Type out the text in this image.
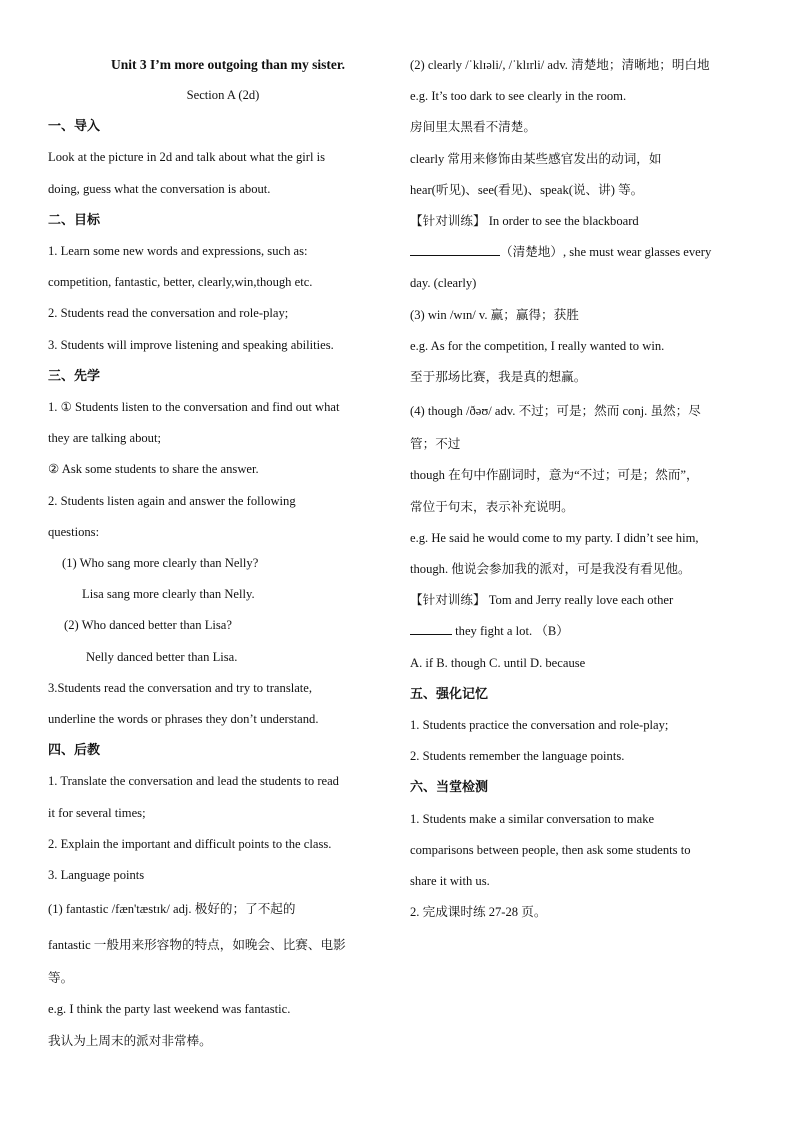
Unit 3 I’m more outgoing than my sister.
Section A (2d)
一、导入
Look at the picture in 2d and talk about what the girl is
doing, guess what the conversation is about.
二、目标
1. Learn some new words and expressions, such as:
competition, fantastic, better, clearly,win,though etc.
2. Students read the conversation and role-play;
3. Students will improve listening and speaking abilities.
三、先学
1. ① Students listen to the conversation and find out what
they are talking about;
② Ask some students to share the answer.
2. Students listen again and answer the following
questions:
(1) Who sang more clearly than Nelly?
Lisa sang more clearly than Nelly.
(2) Who danced better than Lisa?
Nelly danced better than Lisa.
3.Students read the conversation and try to translate,
underline the words or phrases they don’t understand.
四、后教
1. Translate the conversation and lead the students to read
it for several times;
2. Explain the important and difficult points to the class.
3. Language points
(1) fantastic /fæn'tæstɪk/ adj. 极好的；了不起的
fantastic 一般用来形容物的特点，如晚会、比赛、电影
等。
e.g. I think the party last weekend was fantastic.
我认为上周末的派对非常棒。
(2) clearly /ˈklɪəli/, /ˈklɪrli/ adv. 清楚地；清晰地；明白地
e.g. It’s too dark to see clearly in the room.
房间里太黑看不清楚。
clearly 常用来修饰由某些感官发出的动词，如
hear(听见)、see(看见)、speak(说、讲) 等。
【针对训练】 In order to see the blackboard
（清楚地）, she must wear glasses every
day. (clearly)
(3) win /wɪn/ v. 赢；赢得；获胜
e.g. As for the competition, I really wanted to win.
至于那场比赛，我是真的想赢。
(4) though /ðəʊ/ adv. 不过；可是；然而 conj. 虽然；尽
管；不过
though 在句中作副词时，意为“不过；可是；然而”，
常位于句末，表示补充说明。
e.g. He said he would come to my party. I didn’t see him,
though. 他说会参加我的派对，可是我没有看见他。
【针对训练】 Tom and Jerry really love each other
they fight a lot. （B）
A. if B. though C. until D. because
五、强化记忆
1. Students practice the conversation and role-play;
2. Students remember the language points.
六、当堂检测
1. Students make a similar conversation to make
comparisons between people, then ask some students to
share it with us.
2. 完成课时练 27-28 页。
